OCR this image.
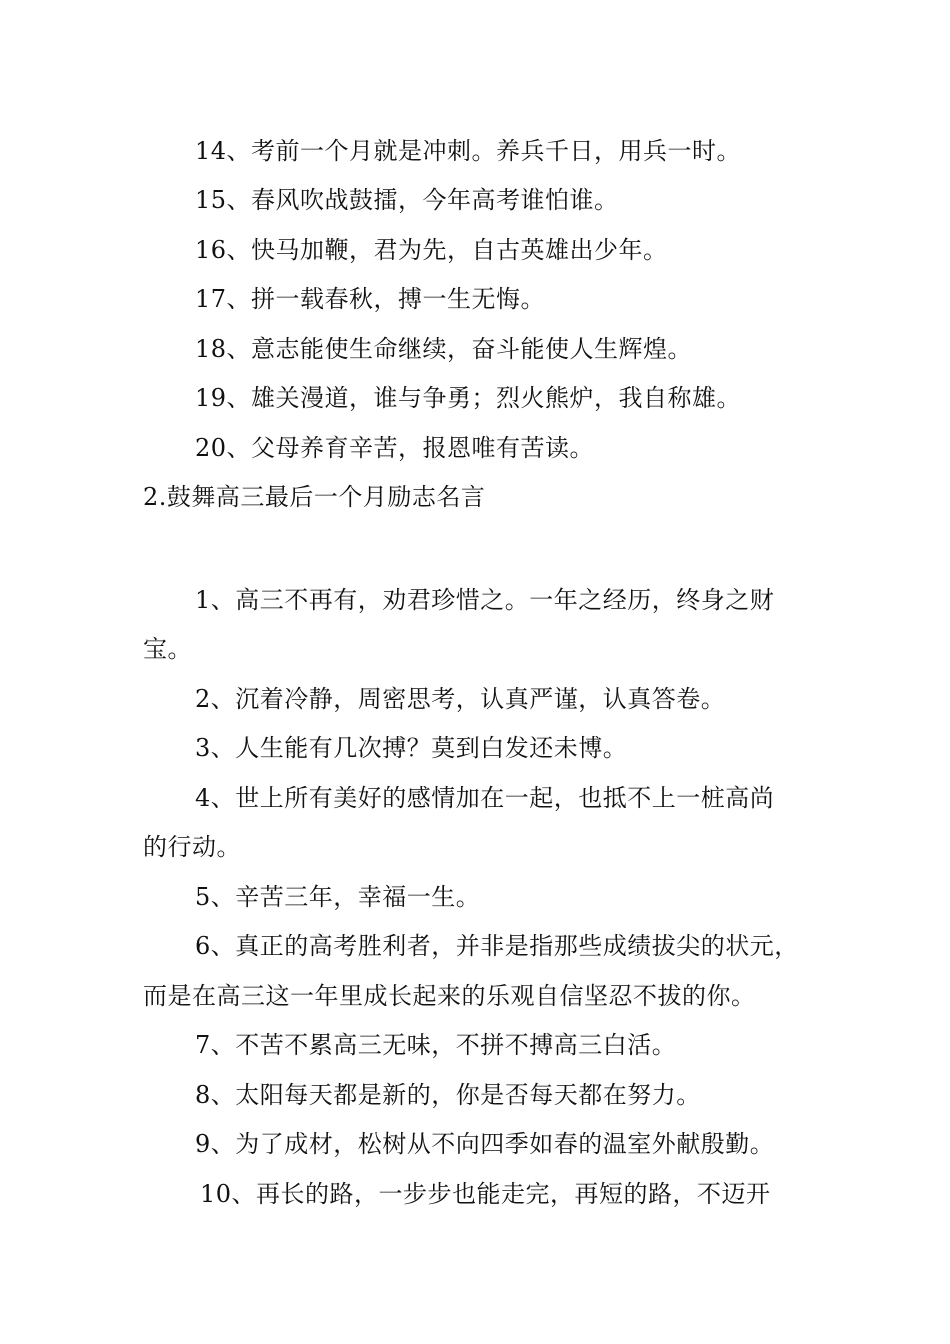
14、考前一个月就是冲刺。养兵千日，用兵一时。
15、春风吹战鼓擂，今年高考谁怕谁。
16、快马加鞭，君为先，自古英雄出少年。
17、拼一载春秋，搏一生无悔。
18、意志能使生命继续，奋斗能使人生辉煌。
19、雄关漫道，谁与争勇；烈火熊炉，我自称雄。
20、父母养育辛苦，报恩唯有苦读。
2.鼓舞高三最后一个月励志名言
1、高三不再有，劝君珍惜之。一年之经历，终身之财
宝。
2、沉着冷静，周密思考，认真严谨，认真答卷。
3、人生能有几次搏？莫到白发还未博。
4、世上所有美好的感情加在一起，也抵不上一桩高尚
的行动。
5、辛苦三年，幸福一生。
6、真正的高考胜利者，并非是指那些成绩拔尖的状元，
而是在高三这一年里成长起来的乐观自信坚忍不拔的你。
7、不苦不累高三无味，不拼不搏高三白活。
8、太阳每天都是新的，你是否每天都在努力。
9、为了成材，松树从不向四季如春的温室外献殷勤。
10、再长的路，一步步也能走完，再短的路，不迈开
